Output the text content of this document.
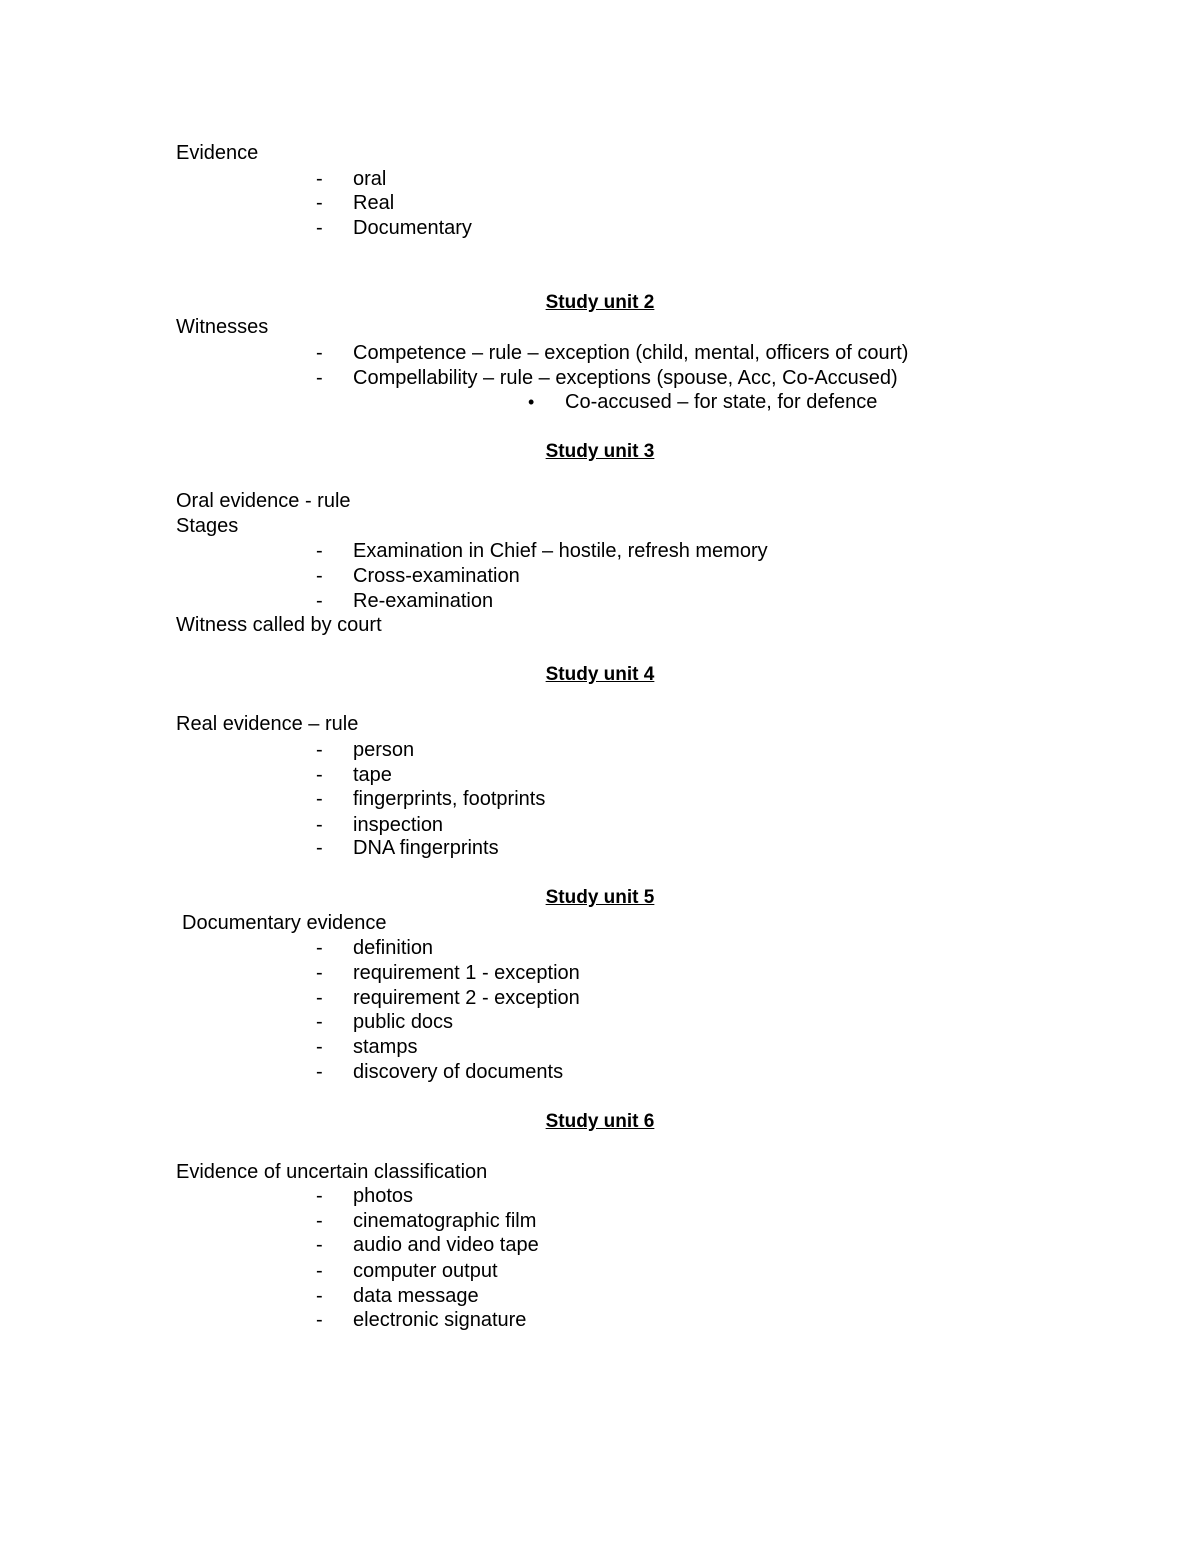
Evidence
- oral
- Real
- Documentary
Study unit 2
Witnesses
- Competence – rule – exception (child, mental, officers of court)
- Compellability – rule – exceptions (spouse, Acc, Co-Accused)
• Co-accused – for state, for defence
Study unit 3
Oral evidence - rule
Stages
- Examination in Chief – hostile, refresh memory
- Cross-examination
- Re-examination
Witness called by court
Study unit 4
Real evidence – rule
- person
- tape
- fingerprints, footprints
- inspection
- DNA fingerprints
Study unit 5
Documentary evidence
- definition
- requirement 1 - exception
- requirement 2 - exception
- public docs
- stamps
- discovery of documents
Study unit 6
Evidence of uncertain classification
- photos
- cinematographic film
- audio and video tape
- computer output
- data message
- electronic signature
